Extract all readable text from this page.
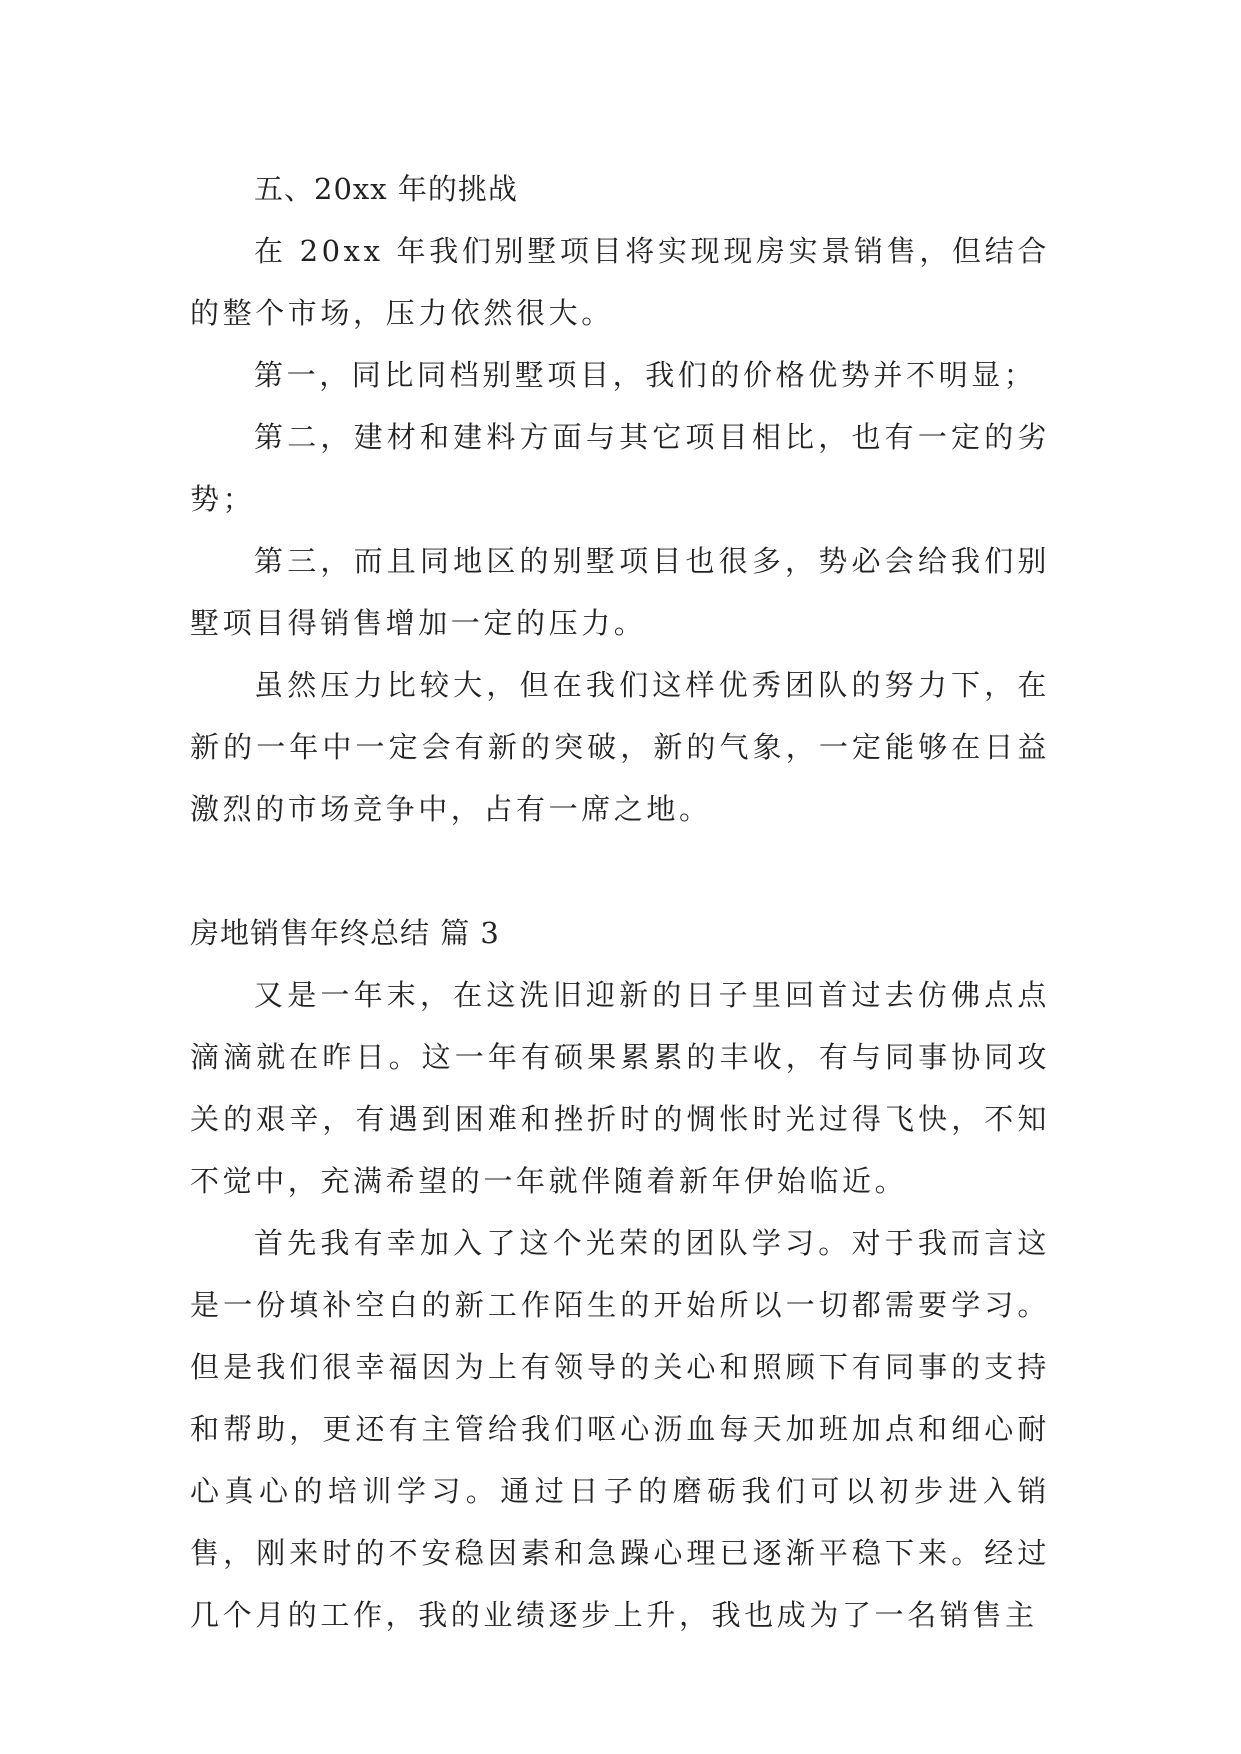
五、20xx 年的挑战

在 20xx 年我们别墅项目将实现现房实景销售，但结合的整个市场，压力依然很大。

第一，同比同档别墅项目，我们的价格优势并不明显；

第二，建材和建料方面与其它项目相比，也有一定的劣势；

第三，而且同地区的别墅项目也很多，势必会给我们别墅项目得销售增加一定的压力。

虽然压力比较大，但在我们这样优秀团队的努力下，在新的一年中一定会有新的突破，新的气象，一定能够在日益激烈的市场竞争中，占有一席之地。

房地销售年终总结 篇 3

又是一年末，在这洗旧迎新的日子里回首过去仿佛点点滴滴就在昨日。这一年有硕果累累的丰收，有与同事协同攻关的艰辛，有遇到困难和挫折时的惆怅时光过得飞快，不知不觉中，充满希望的一年就伴随着新年伊始临近。

首先我有幸加入了这个光荣的团队学习。对于我而言这是一份填补空白的新工作陌生的开始所以一切都需要学习。但是我们很幸福因为上有领导的关心和照顾下有同事的支持和帮助，更还有主管给我们呕心沥血每天加班加点和细心耐心真心的培训学习。通过日子的磨砺我们可以初步进入销售，刚来时的不安稳因素和急躁心理已逐渐平稳下来。经过几个月的工作，我的业绩逐步上升，我也成为了一名销售主
